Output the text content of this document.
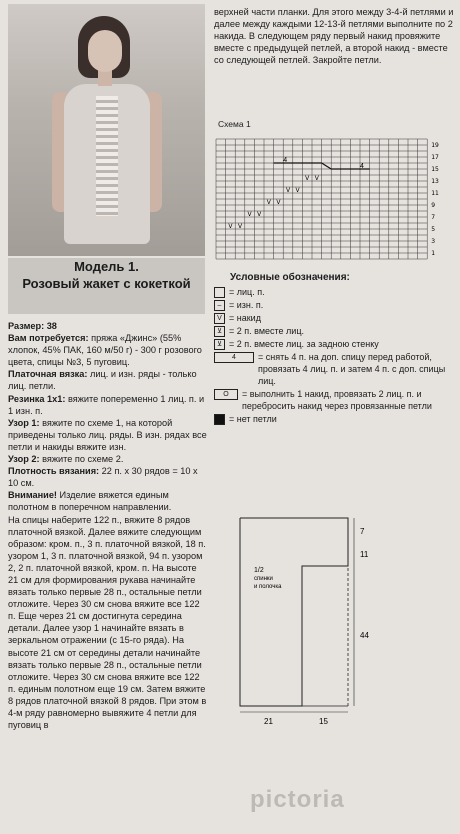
Модель 1.
Розовый жакет с кокеткой

Размер: 38

Вам потребуется: пряжа «Джинс» (55% хлопок, 45% ПАК, 160 м/50 г) - 300 г розового цвета, спицы №3, 5 пуговиц.

Платочная вязка: лиц. и изн. ряды - только лиц. петли.

Резинка 1х1: вяжите попеременно 1 лиц. п. и 1 изн. п.

Узор 1: вяжите по схеме 1, на которой приведены только лиц. ряды. В изн. рядах все петли и накиды вяжите изн.

Узор 2: вяжите по схеме 2.

Плотность вязания: 22 п. х 30 рядов = 10 х 10 см.

Внимание! Изделие вяжется единым полотном в поперечном направлении.

На спицы наберите 122 п., вяжите 8 рядов платочной вязкой. Далее вяжите следующим образом: кром. п., 3 п. платочной вязкой, 18 п. узором 1, 3 п. платочной вязкой, 94 п. узором 2, 2 п. платочной вязкой, кром. п. На высоте 21 см для формирования рукава начинайте вязать только первые 28 п., остальные петли отложите. Через 30 см снова вяжите все 122 п. Еще через 21 см достигнута середина детали. Далее узор 1 начинайте вязать в зеркальном отражении (с 15-го ряда). На высоте 21 см от середины детали начинайте вязать только первые 28 п., остальные петли отложите. Через 30 см снова вяжите все 122 п. единым полотном еще 19 см. Затем вяжите 8 рядов платочной вязкой 8 рядов. При этом в 4-м ряду равномерно вывяжите 4 петли для пуговиц в

верхней части планки. Для этого между 3-4-й петлями и далее между каждыми 12-13-й петлями выполните по 2 накида. В следующем ряду первый накид провяжите вместе с предыдущей петлей, а второй накид - вместе со следующей петлей. Закройте петли.

Схема 1
V V
V V
V V
V V
V V
4
4
19
17
15
13
11
9
7
5
3
1
Условные обозначения:
= лиц. п.
– = изн. п.
V = накид
⊻ = 2 п. вместе лиц.
⊻ = 2 п. вместе лиц. за задною стенку
4	= снять 4 п. на доп. спицу перед работой, провязать 4 лиц. п. и затем 4 п. с доп. спицы лиц.
O	= выполнить 1 накид, провязать 2 лиц. п. и перебросить накид через провязанные петли
= нет петли
7
11
44
21	15
1/2
спинки
и полочка
pictoria
